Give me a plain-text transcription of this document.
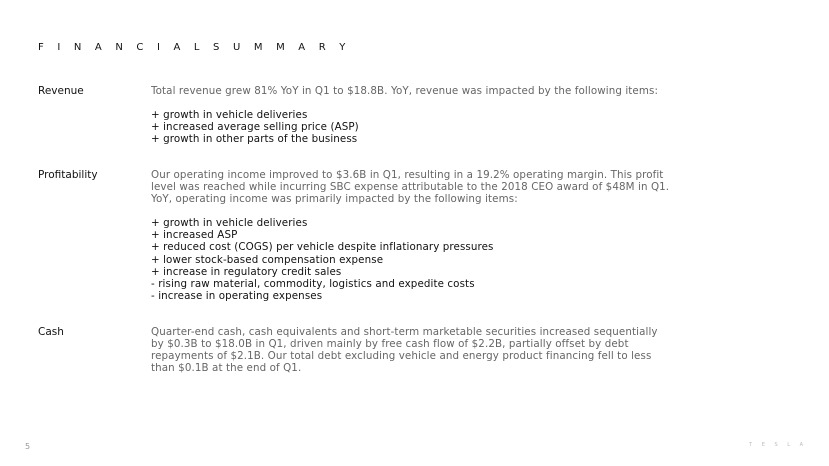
F I N A N C I A L S U M M A R Y
Revenue	Total revenue grew 81% YoY in Q1 to $18.8B. YoY, revenue was impacted by the following items:

+ growth in vehicle deliveries
+ increased average selling price (ASP)
+ growth in other parts of the business
Profitability	Our operating income improved to $3.6B in Q1, resulting in a 19.2% operating margin. This profit level was reached while incurring SBC expense attributable to the 2018 CEO award of $48M in Q1. YoY, operating income was primarily impacted by the following items:

+ growth in vehicle deliveries
+ increased ASP
+ reduced cost (COGS) per vehicle despite inflationary pressures
+ lower stock-based compensation expense
+ increase in regulatory credit sales
- rising raw material, commodity, logistics and expedite costs
- increase in operating expenses
Cash	Quarter-end cash, cash equivalents and short-term marketable securities increased sequentially by $0.3B to $18.0B in Q1, driven mainly by free cash flow of $2.2B, partially offset by debt repayments of $2.1B. Our total debt excluding vehicle and energy product financing fell to less than $0.1B at the end of Q1.

5	T E S L A
